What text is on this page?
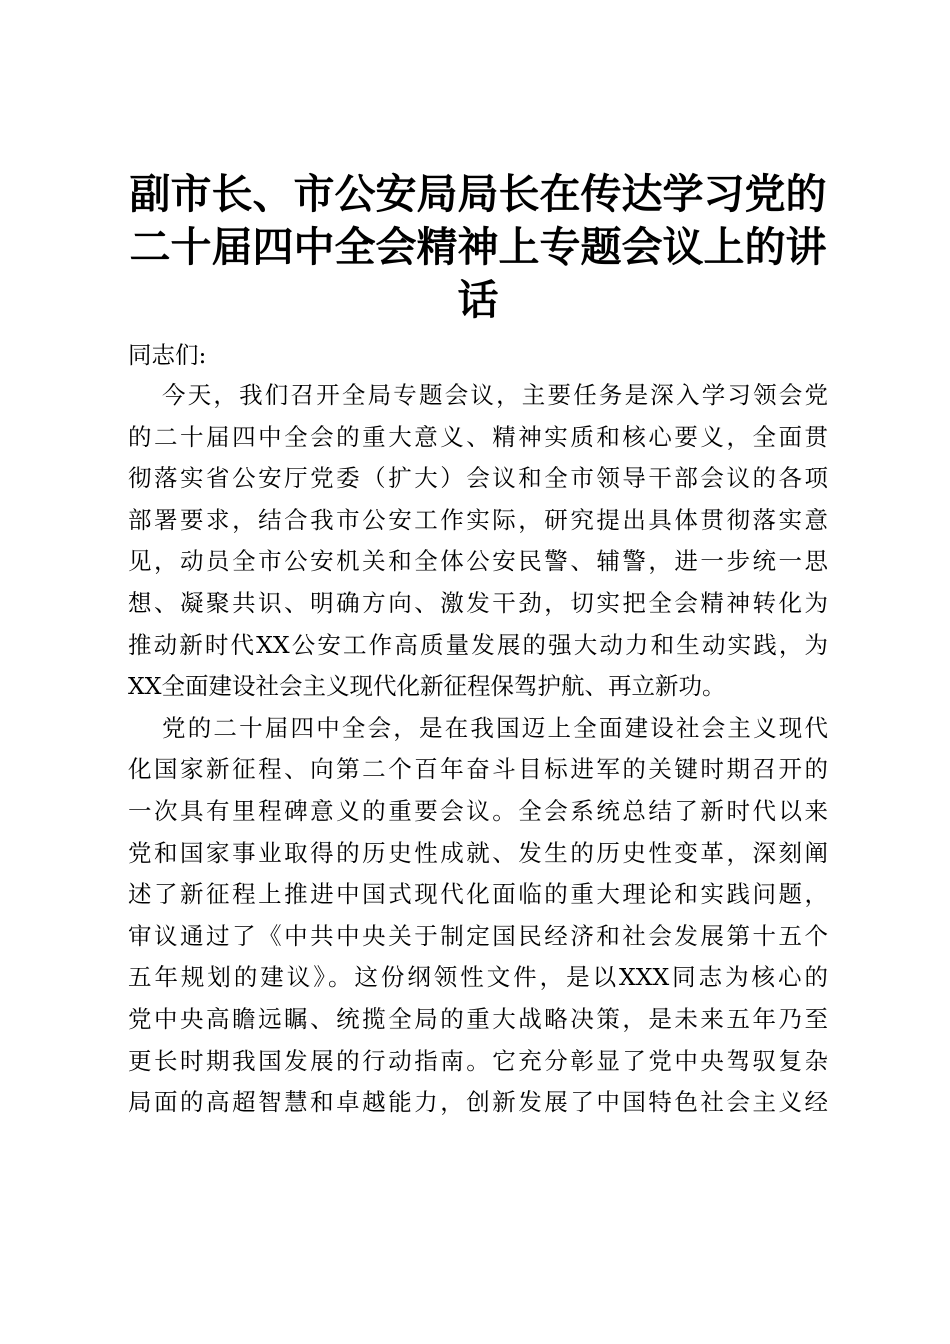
副市长、市公安局局长在传达学习党的
二十届四中全会精神上专题会议上的讲
话
同志们:

今天，我们召开全局专题会议，主要任务是深入学习领会党
的二十届四中全会的重大意义、精神实质和核心要义，全面贯
彻落实省公安厅党委（扩大）会议和全市领导干部会议的各项
部署要求，结合我市公安工作实际，研究提出具体贯彻落实意
见，动员全市公安机关和全体公安民警、辅警，进一步统一思
想、凝聚共识、明确方向、激发干劲，切实把全会精神转化为
推动新时代XX公安工作高质量发展的强大动力和生动实践，为
XX全面建设社会主义现代化新征程保驾护航、再立新功。

党的二十届四中全会，是在我国迈上全面建设社会主义现代
化国家新征程、向第二个百年奋斗目标进军的关键时期召开的
一次具有里程碑意义的重要会议。全会系统总结了新时代以来
党和国家事业取得的历史性成就、发生的历史性变革，深刻阐
述了新征程上推进中国式现代化面临的重大理论和实践问题，
审议通过了《中共中央关于制定国民经济和社会发展第十五个
五年规划的建议》。这份纲领性文件，是以XXX同志为核心的
党中央高瞻远瞩、统揽全局的重大战略决策，是未来五年乃至
更长时期我国发展的行动指南。它充分彰显了党中央驾驭复杂
局面的高超智慧和卓越能力，创新发展了中国特色社会主义经
